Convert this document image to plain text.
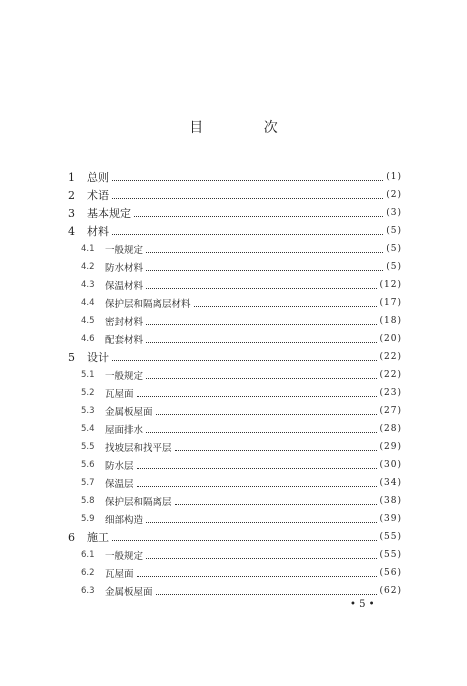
目 次
1	总则	(1)
2	术语	(2)
3	基本规定	(3)
4	材料	(5)
4.1	一般规定	(5)
4.2	防水材料	(5)
4.3	保温材料	(12)
4.4	保护层和隔离层材料	(17)
4.5	密封材料	(18)
4.6	配套材料	(20)
5	设计	(22)
5.1	一般规定	(22)
5.2	瓦屋面	(23)
5.3	金属板屋面	(27)
5.4	屋面排水	(28)
5.5	找坡层和找平层	(29)
5.6	防水层	(30)
5.7	保温层	(34)
5.8	保护层和隔离层	(38)
5.9	细部构造	(39)
6	施工	(55)
6.1	一般规定	(55)
6.2	瓦屋面	(56)
6.3	金属板屋面	(62)
• 5 •
